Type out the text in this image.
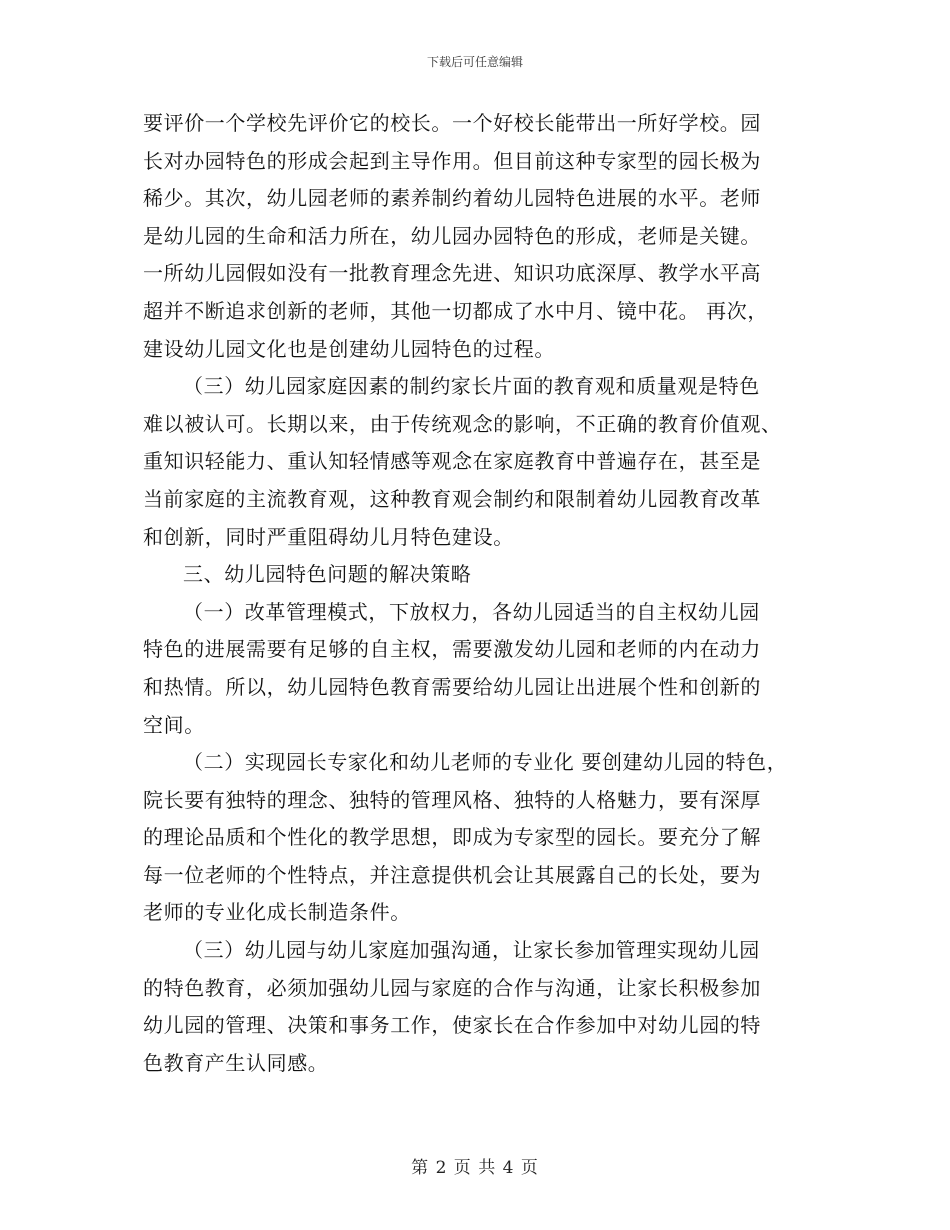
下载后可任意编辑
要评价一个学校先评价它的校长。一个好校长能带出一所好学校。园
长对办园特色的形成会起到主导作用。但目前这种专家型的园长极为
稀少。其次，幼儿园老师的素养制约着幼儿园特色进展的水平。老师
是幼儿园的生命和活力所在，幼儿园办园特色的形成，老师是关键。
一所幼儿园假如没有一批教育理念先进、知识功底深厚、教学水平高
超并不断追求创新的老师，其他一切都成了水中月、镜中花。 再次，
建设幼儿园文化也是创建幼儿园特色的过程。
（三）幼儿园家庭因素的制约家长片面的教育观和质量观是特色
难以被认可。长期以来，由于传统观念的影响，不正确的教育价值观、
重知识轻能力、重认知轻情感等观念在家庭教育中普遍存在，甚至是
当前家庭的主流教育观，这种教育观会制约和限制着幼儿园教育改革
和创新，同时严重阻碍幼儿月特色建设。
三、幼儿园特色问题的解决策略
（一）改革管理模式，下放权力，各幼儿园适当的自主权幼儿园
特色的进展需要有足够的自主权，需要激发幼儿园和老师的内在动力
和热情。所以，幼儿园特色教育需要给幼儿园让出进展个性和创新的
空间。
（二）实现园长专家化和幼儿老师的专业化 要创建幼儿园的特色，
院长要有独特的理念、独特的管理风格、独特的人格魅力，要有深厚
的理论品质和个性化的教学思想，即成为专家型的园长。要充分了解
每一位老师的个性特点，并注意提供机会让其展露自己的长处，要为
老师的专业化成长制造条件。
（三）幼儿园与幼儿家庭加强沟通，让家长参加管理实现幼儿园
的特色教育，必须加强幼儿园与家庭的合作与沟通，让家长积极参加
幼儿园的管理、决策和事务工作，使家长在合作参加中对幼儿园的特
色教育产生认同感。
第 2 页 共 4 页
